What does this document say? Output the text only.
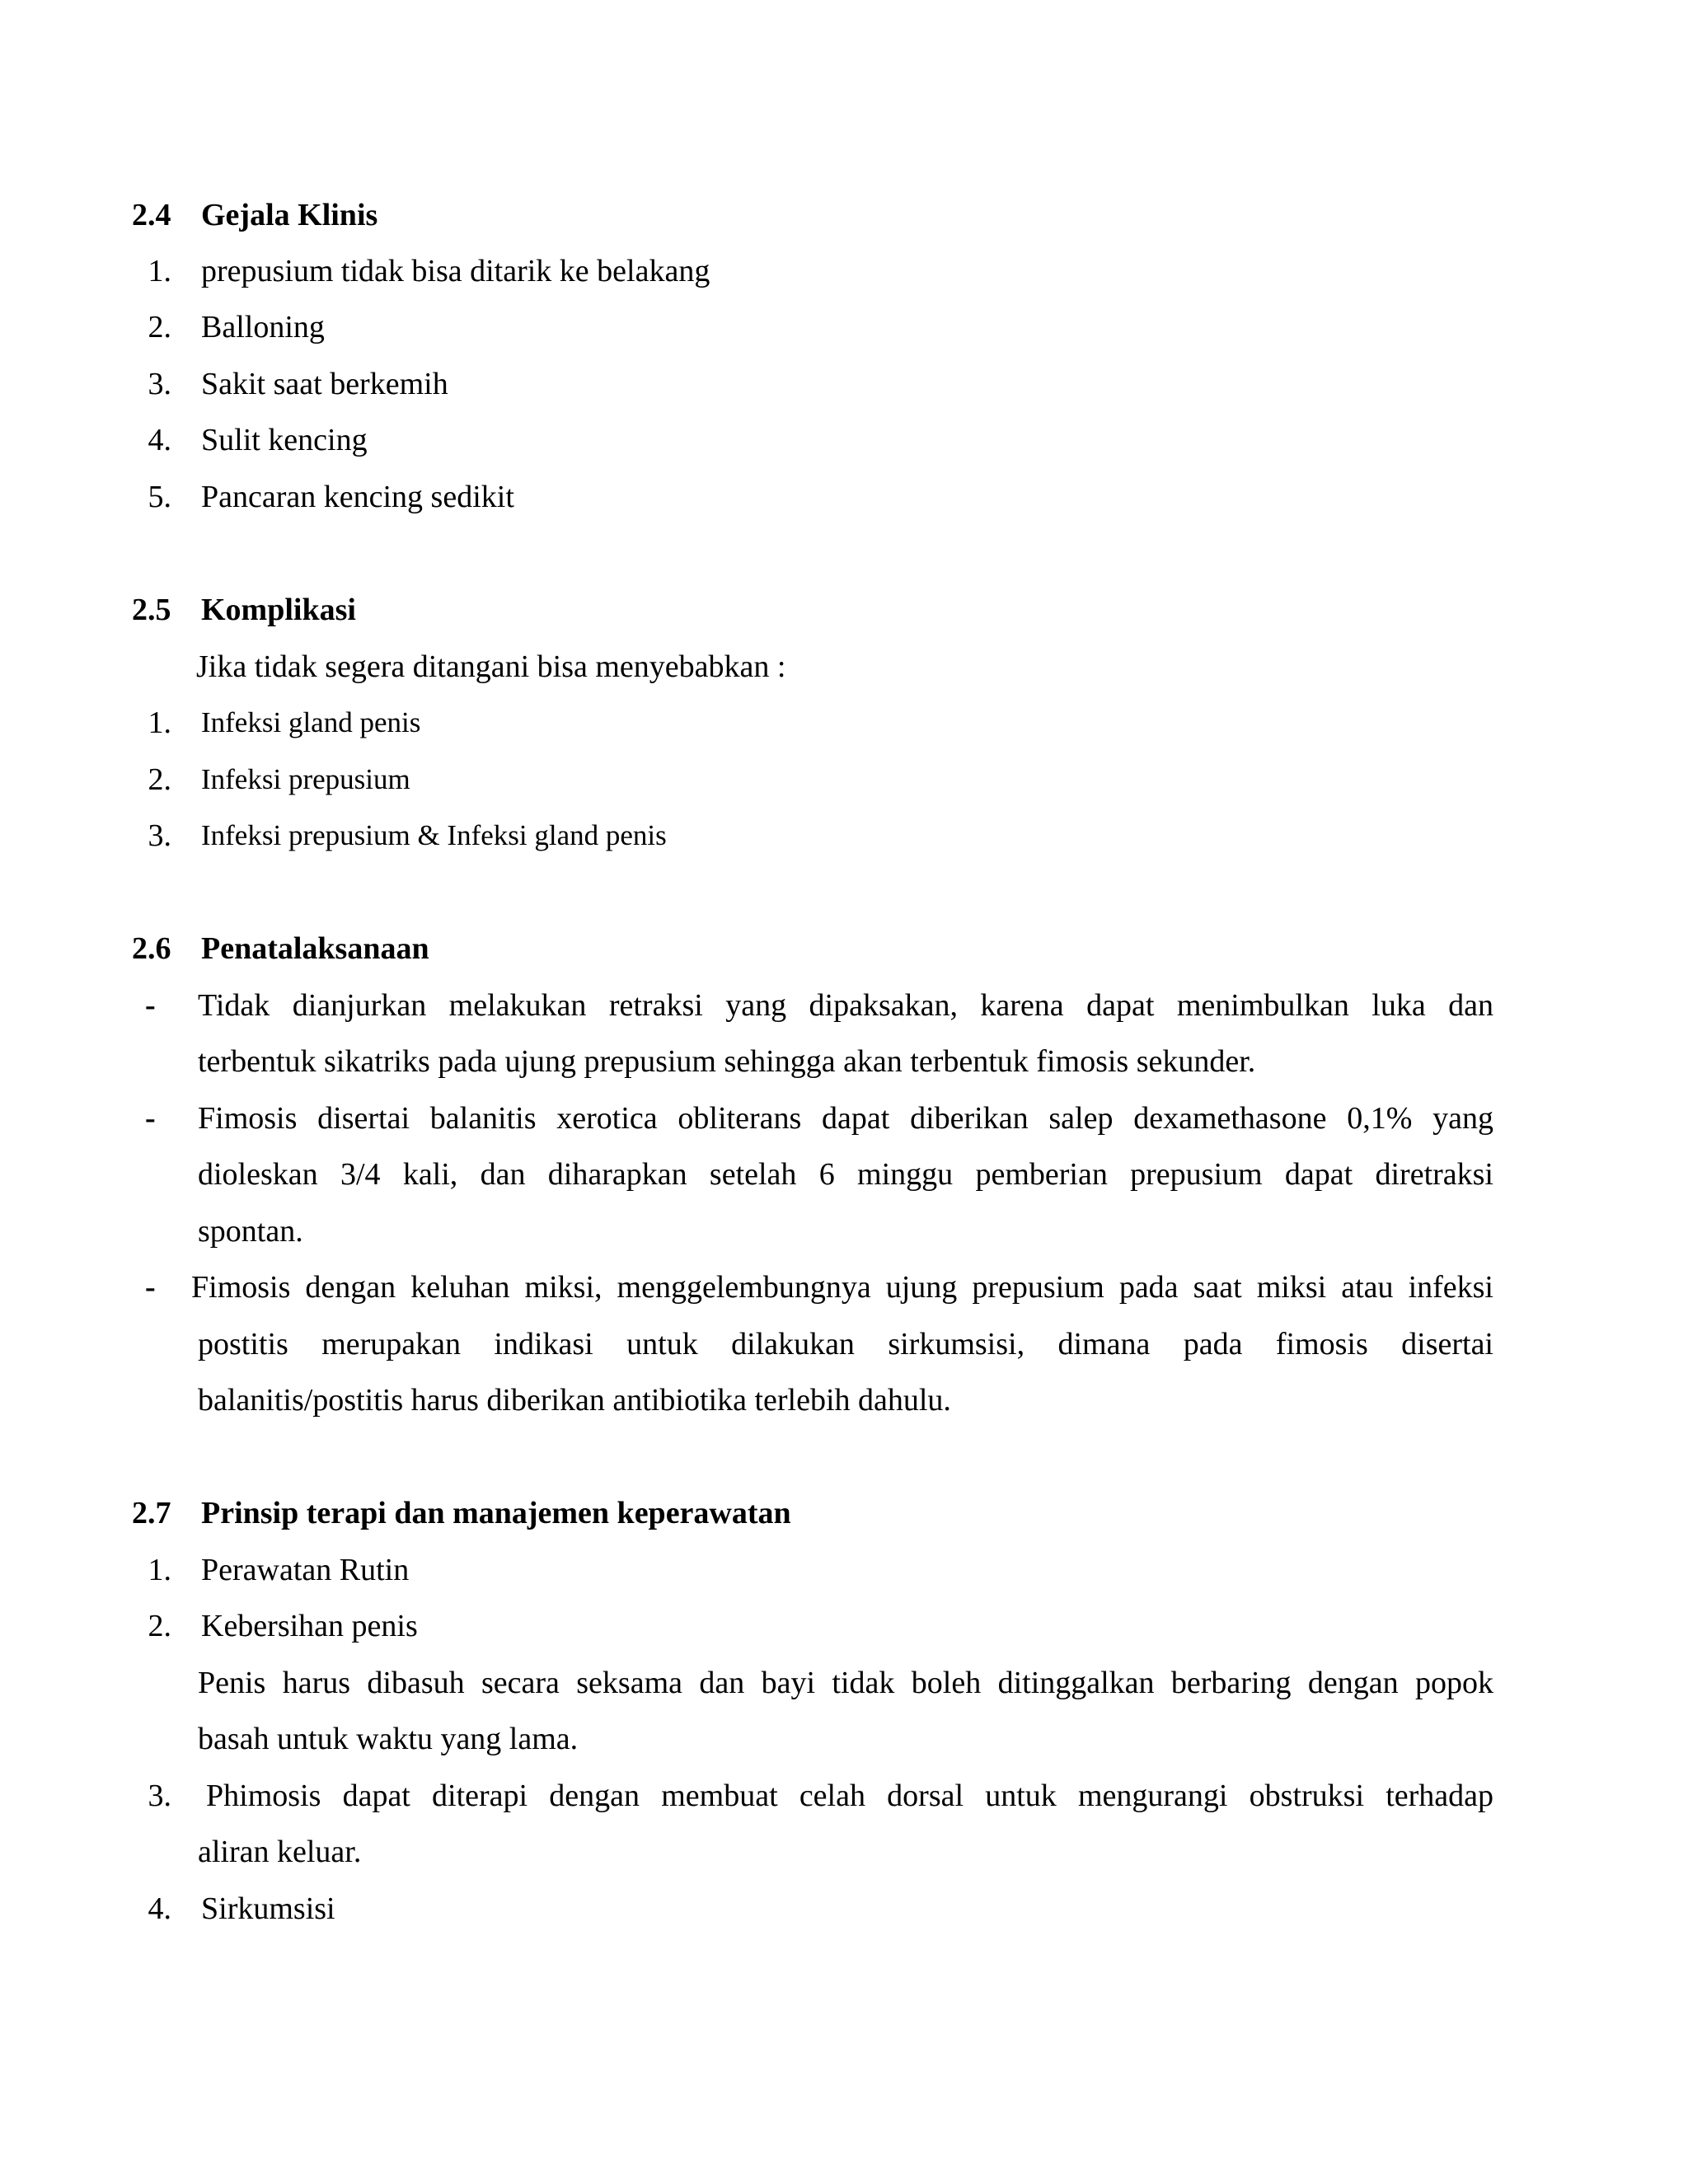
2.4 Gejala Klinis
1. prepusium tidak bisa ditarik ke belakang
2. Balloning
3. Sakit saat berkemih
4. Sulit kencing
5. Pancaran kencing sedikit
2.5 Komplikasi
Jika tidak segera ditangani bisa menyebabkan :
1. Infeksi gland penis
2. Infeksi prepusium
3. Infeksi prepusium & Infeksi gland penis
2.6 Penatalaksanaan
- Tidak dianjurkan melakukan retraksi yang dipaksakan, karena dapat menimbulkan luka dan
terbentuk sikatriks pada ujung prepusium sehingga akan terbentuk fimosis sekunder.
- Fimosis disertai balanitis xerotica obliterans dapat diberikan salep dexamethasone 0,1% yang
dioleskan 3/4 kali, dan diharapkan setelah 6 minggu pemberian prepusium dapat diretraksi
spontan.
- Fimosis dengan keluhan miksi, menggelembungnya ujung prepusium pada saat miksi atau infeksi
postitis merupakan indikasi untuk dilakukan sirkumsisi, dimana pada fimosis disertai
balanitis/postitis harus diberikan antibiotika terlebih dahulu.
2.7 Prinsip terapi dan manajemen keperawatan
1. Perawatan Rutin
2. Kebersihan penis
Penis harus dibasuh secara seksama dan bayi tidak boleh ditinggalkan berbaring dengan popok
basah untuk waktu yang lama.
3. Phimosis dapat diterapi dengan membuat celah dorsal untuk mengurangi obstruksi terhadap
aliran keluar.
4. Sirkumsisi
